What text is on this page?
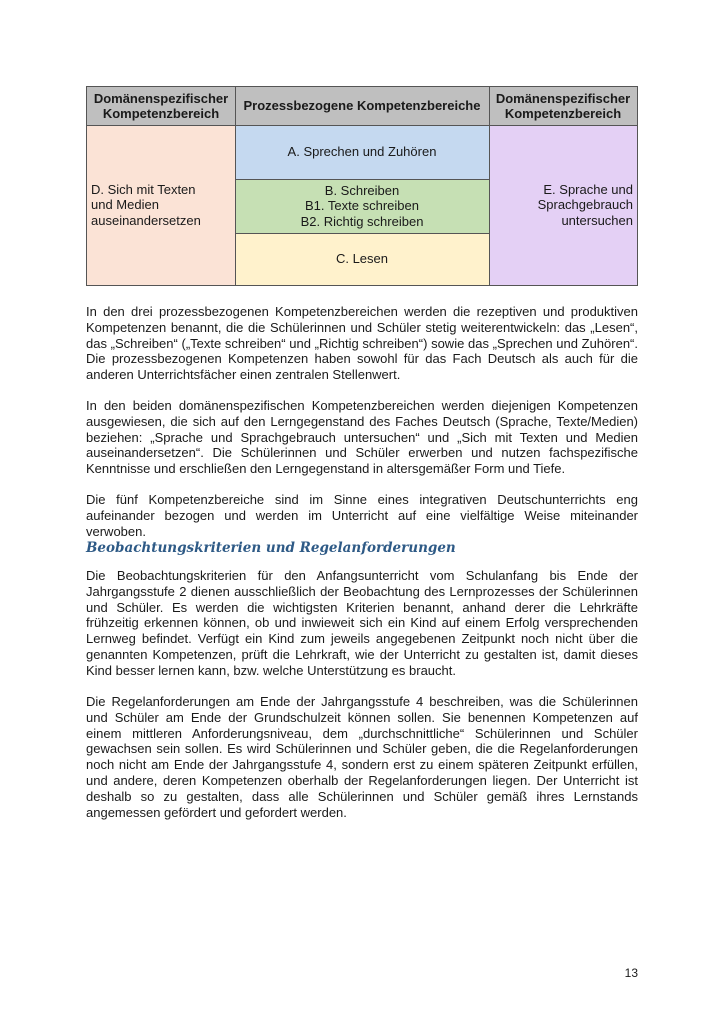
Domänenspezifischer Kompetenzbereich
Prozessbezogene Kompetenzbereiche
Domänenspezifischer Kompetenzbereich
D. Sich mit Texten und Medien auseinandersetzen
A. Sprechen und Zuhören
B. Schreiben
B1. Texte schreiben
B2. Richtig schreiben
C. Lesen
E. Sprache und Sprachgebrauch untersuchen

In den drei prozessbezogenen Kompetenzbereichen werden die rezeptiven und produktiven Kompetenzen benannt, die die Schülerinnen und Schüler stetig weiterentwickeln: das „Lesen“, das „Schreiben“ („Texte schreiben“ und „Richtig schreiben“) sowie das „Sprechen und Zuhören“. Die prozessbezogenen Kompetenzen haben sowohl für das Fach Deutsch als auch für die anderen Unterrichtsfächer einen zentralen Stellenwert.

In den beiden domänenspezifischen Kompetenzbereichen werden diejenigen Kompetenzen ausgewiesen, die sich auf den Lerngegenstand des Faches Deutsch (Sprache, Texte/Medien) beziehen: „Sprache und Sprachgebrauch untersuchen“ und „Sich mit Texten und Medien auseinandersetzen“. Die Schülerinnen und Schüler erwerben und nutzen fachspezifische Kenntnisse und erschließen den Lerngegenstand in altersgemäßer Form und Tiefe.

Die fünf Kompetenzbereiche sind im Sinne eines integrativen Deutschunterrichts eng aufeinander bezogen und werden im Unterricht auf eine vielfältige Weise miteinander verwoben.

Beobachtungskriterien und Regelanforderungen

Die Beobachtungskriterien für den Anfangsunterricht vom Schulanfang bis Ende der Jahrgangsstufe 2 dienen ausschließlich der Beobachtung des Lernprozesses der Schülerinnen und Schüler. Es werden die wichtigsten Kriterien benannt, anhand derer die Lehrkräfte frühzeitig erkennen können, ob und inwieweit sich ein Kind auf einem Erfolg versprechenden Lernweg befindet. Verfügt ein Kind zum jeweils angegebenen Zeitpunkt noch nicht über die genannten Kompetenzen, prüft die Lehrkraft, wie der Unterricht zu gestalten ist, damit dieses Kind besser lernen kann, bzw. welche Unterstützung es braucht.

Die Regelanforderungen am Ende der Jahrgangsstufe 4 beschreiben, was die Schülerinnen und Schüler am Ende der Grundschulzeit können sollen. Sie benennen Kompetenzen auf einem mittleren Anforderungsniveau, dem „durchschnittliche“ Schülerinnen und Schüler gewachsen sein sollen. Es wird Schülerinnen und Schüler geben, die die Regelanforderungen noch nicht am Ende der Jahrgangsstufe 4, sondern erst zu einem späteren Zeitpunkt erfüllen, und andere, deren Kompetenzen oberhalb der Regelanforderungen liegen. Der Unterricht ist deshalb so zu gestalten, dass alle Schülerinnen und Schüler gemäß ihres Lernstands angemessen gefördert und gefordert werden.

13
